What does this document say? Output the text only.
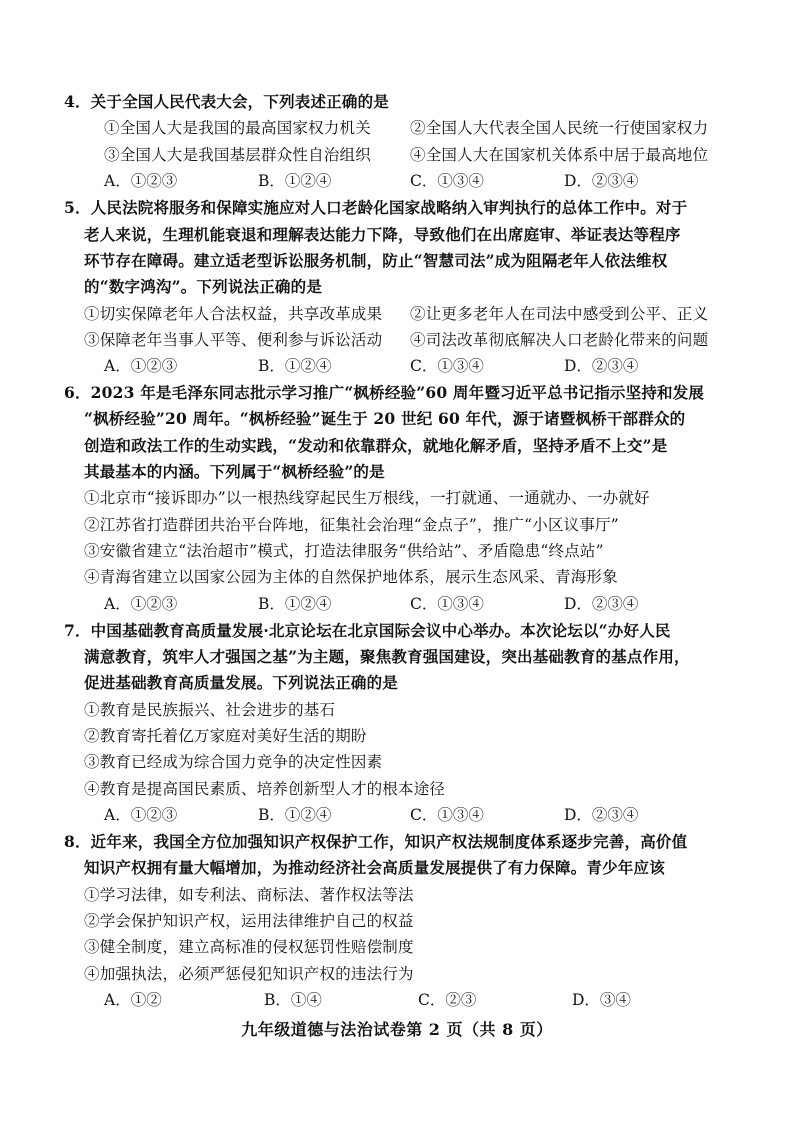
4．关于全国人民代表大会，下列表述正确的是
①全国人大是我国的最高国家权力机关	②全国人大代表全国人民统一行使国家权力
③全国人大是我国基层群众性自治组织	④全国人大在国家机关体系中居于最高地位
A．①②③	B．①②④	C．①③④	D．②③④
5．人民法院将服务和保障实施应对人口老龄化国家战略纳入审判执行的总体工作中。对于
老人来说，生理机能衰退和理解表达能力下降，导致他们在出席庭审、举证表达等程序
环节存在障碍。建立适老型诉讼服务机制，防止“智慧司法”成为阻隔老年人依法维权
的“数字鸿沟”。下列说法正确的是
①切实保障老年人合法权益，共享改革成果 ②让更多老年人在司法中感受到公平、正义
③保障老年当事人平等、便利参与诉讼活动 ④司法改革彻底解决人口老龄化带来的问题
A．①②③	B．①②④	C．①③④	D．②③④
6．2023 年是毛泽东同志批示学习推广“枫桥经验”60 周年暨习近平总书记指示坚持和发展
“枫桥经验”20 周年。“枫桥经验”诞生于 20 世纪 60 年代，源于诸暨枫桥干部群众的
创造和政法工作的生动实践，“发动和依靠群众，就地化解矛盾，坚持矛盾不上交”是
其最基本的内涵。下列属于“枫桥经验”的是
①北京市“接诉即办”以一根热线穿起民生万根线，一打就通、一通就办、一办就好
②江苏省打造群团共治平台阵地，征集社会治理“金点子”，推广“小区议事厅”
③安徽省建立“法治超市”模式，打造法律服务“供给站”、矛盾隐患“终点站”
④青海省建立以国家公园为主体的自然保护地体系，展示生态风采、青海形象
A．①②③	B．①②④	C．①③④	D．②③④
7．中国基础教育高质量发展·北京论坛在北京国际会议中心举办。本次论坛以“办好人民
满意教育，筑牢人才强国之基”为主题，聚焦教育强国建设，突出基础教育的基点作用，
促进基础教育高质量发展。下列说法正确的是
①教育是民族振兴、社会进步的基石
②教育寄托着亿万家庭对美好生活的期盼
③教育已经成为综合国力竞争的决定性因素
④教育是提高国民素质、培养创新型人才的根本途径
A．①②③	B．①②④	C．①③④	D．②③④
8．近年来，我国全方位加强知识产权保护工作，知识产权法规制度体系逐步完善，高价值
知识产权拥有量大幅增加，为推动经济社会高质量发展提供了有力保障。青少年应该
①学习法律，如专利法、商标法、著作权法等法
②学会保护知识产权，运用法律维护自己的权益
③健全制度，建立高标准的侵权惩罚性赔偿制度
④加强执法，必须严惩侵犯知识产权的违法行为
A．①②	B．①④	C．②③	D．③④
九年级道德与法治试卷第 2 页（共 8 页）
